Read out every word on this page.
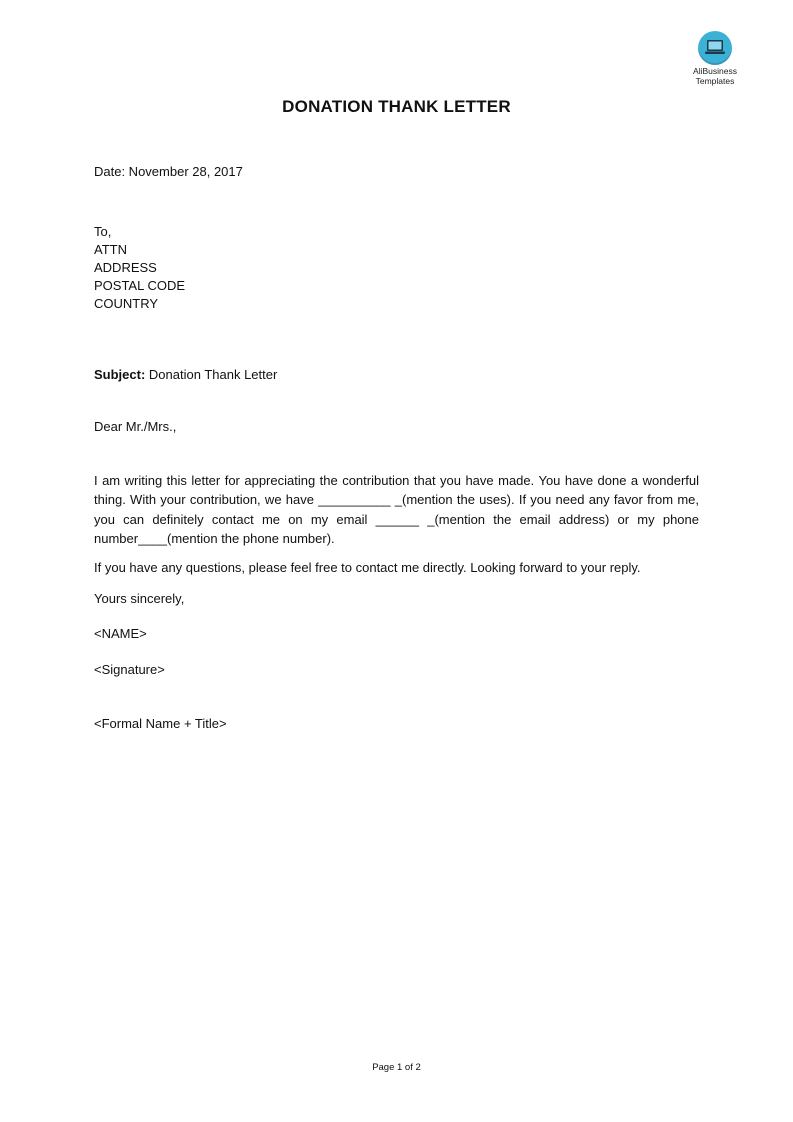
AliBusiness
Templates
DONATION THANK LETTER
Date: November 28, 2017
To,
ATTN
ADDRESS
POSTAL CODE
COUNTRY
Subject: Donation Thank Letter
Dear Mr./Mrs.,
I am writing this letter for appreciating the contribution that you have made. You have done a wonderful thing. With your contribution, we have __________ _(mention the uses). If you need any favor from me, you can definitely contact me on my email ______ _(mention the email address) or my phone number____(mention the phone number).
If you have any questions, please feel free to contact me directly. Looking forward to your reply.
Yours sincerely,
<NAME>
<Signature>
<Formal Name + Title>
Page 1 of 2
